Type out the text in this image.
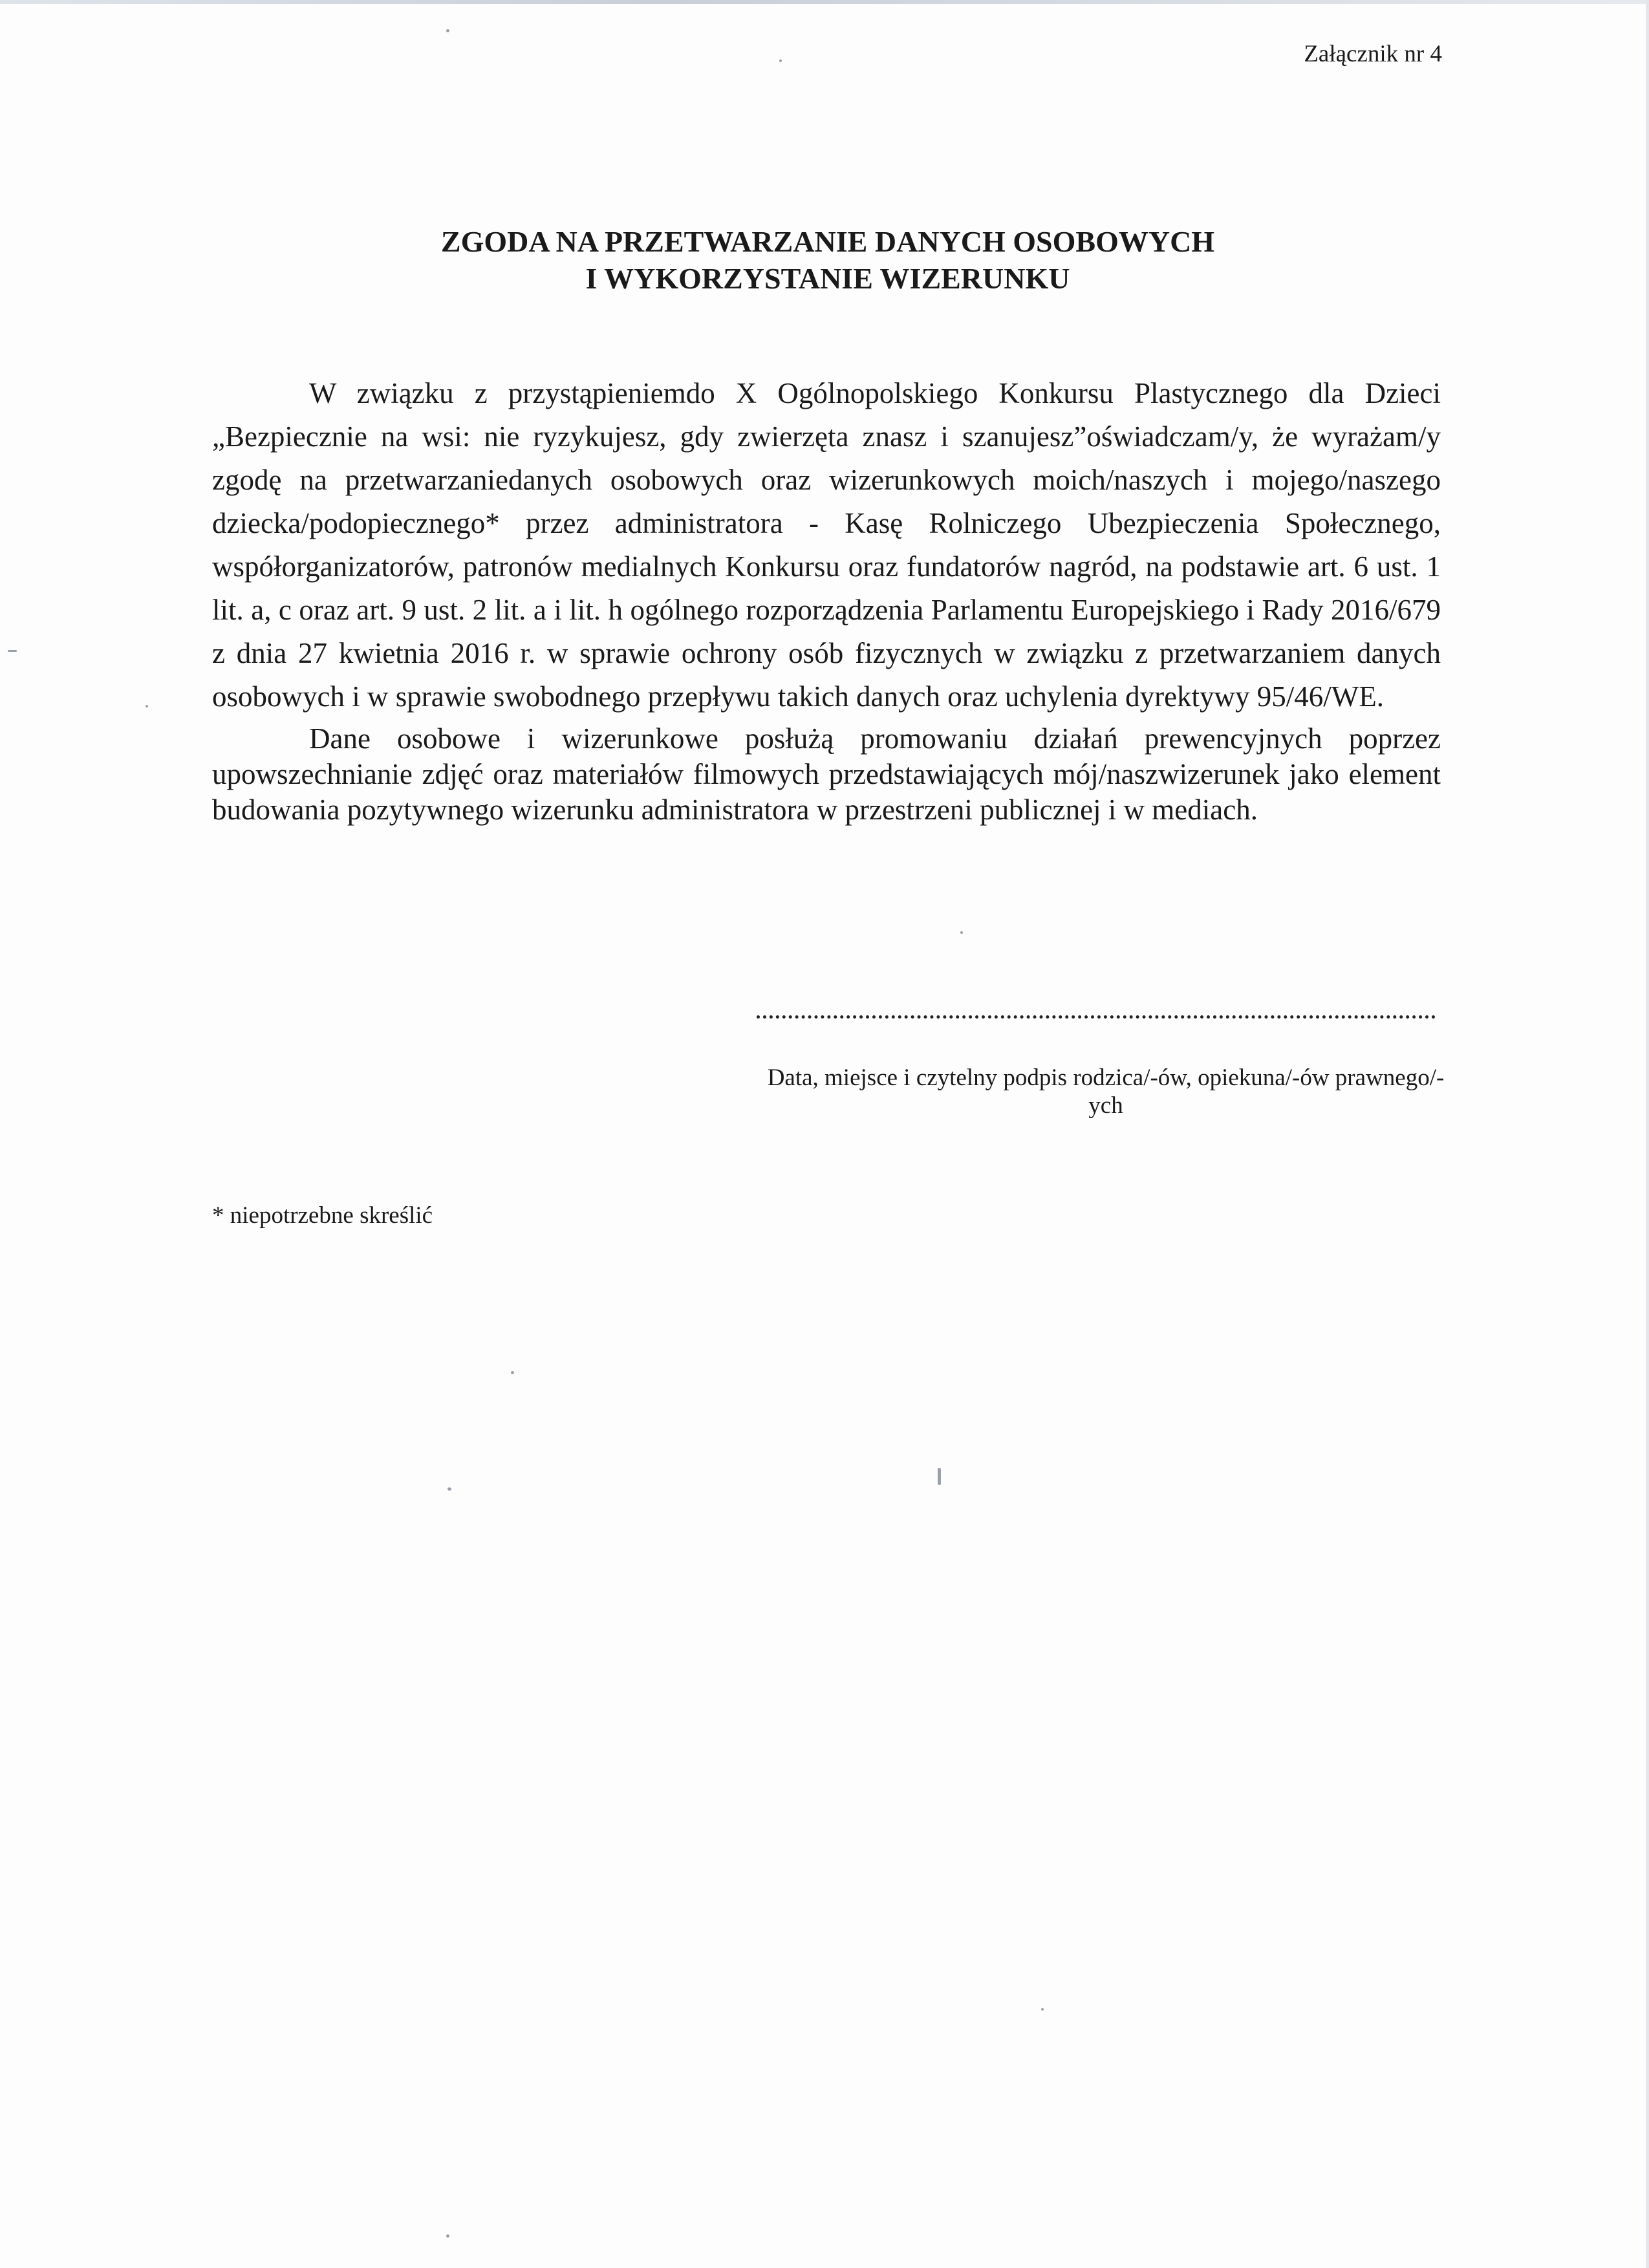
Załącznik nr 4
ZGODA NA PRZETWARZANIE DANYCH OSOBOWYCH
I WYKORZYSTANIE WIZERUNKU

W związku z przystąpieniemdo X Ogólnopolskiego Konkursu Plastycznego dla Dzieci „Bezpiecznie na wsi: nie ryzykujesz, gdy zwierzęta znasz i szanujesz”oświadczam/y, że wyrażam/y zgodę na przetwarzaniedanych osobowych oraz wizerunkowych moich/naszych i mojego/naszego dziecka/podopiecznego* przez administratora - Kasę Rolniczego Ubezpieczenia Społecznego, współorganizatorów, patronów medialnych Konkursu oraz fundatorów nagród, na podstawie art. 6 ust. 1 lit. a, c oraz art. 9 ust. 2 lit. a i lit. h ogólnego rozporządzenia Parlamentu Europejskiego i Rady 2016/679 z dnia 27 kwietnia 2016 r. w sprawie ochrony osób fizycznych w związku z przetwarzaniem danych osobowych i w sprawie swobodnego przepływu takich danych oraz uchylenia dyrektywy 95/46/WE.

Dane osobowe i wizerunkowe posłużą promowaniu działań prewencyjnych poprzez upowszechnianie zdjęć oraz materiałów filmowych przedstawiających mój/naszwizerunek jako element budowania pozytywnego wizerunku administratora w przestrzeni publicznej i w mediach.

Data, miejsce i czytelny podpis rodzica/-ów, opiekuna/-ów prawnego/-ych
* niepotrzebne skreślić
